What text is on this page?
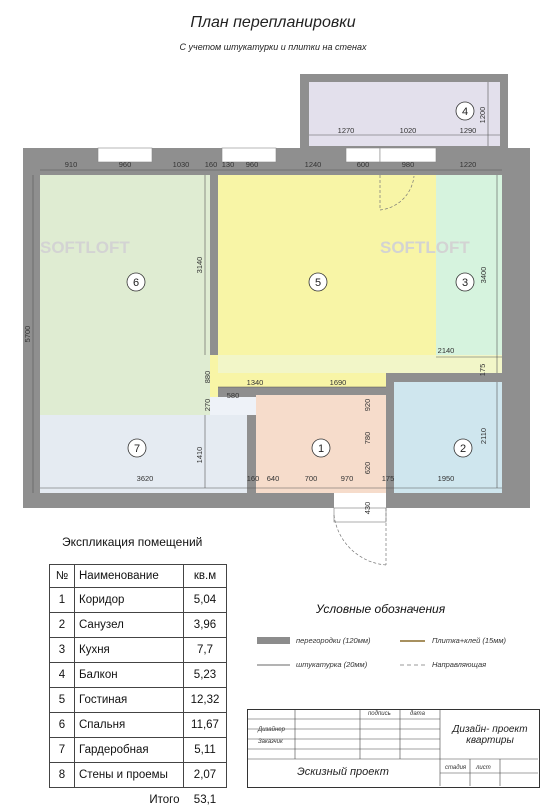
SOFTLOFT	SOFTLOFT
4
6	5	3
7	1	2
1270	1020	1290
1200
910	960	1030 160 130 960	1240	600	980	1220
5700
3140
3400
880
270
580
1340	1690
2140
175
920
780
620
1410
2110
3620	160 640	700	970	175	1950
430
План перепланировки
С учетом штукатурки и плитки на стенах
Экспликация помещений
№	Наименование	кв.м
1	Коридор	5,04
2	Санузел	3,96
3	Кухня	7,7
4	Балкон	5,23
5	Гостиная	12,32
6	Спальня	11,67
7	Гардеробная	5,11
8	Стены и проемы	2,07
	Итого	53,1
Условные обозначения
перегородки (120мм)	Плитка+клей (15мм)
штукатурка (20мм)	Направляющая
подпись	дата
Дизайнер
Заказчик
Дизайн- проект квартиры
Эскизный проект	стадия лист
